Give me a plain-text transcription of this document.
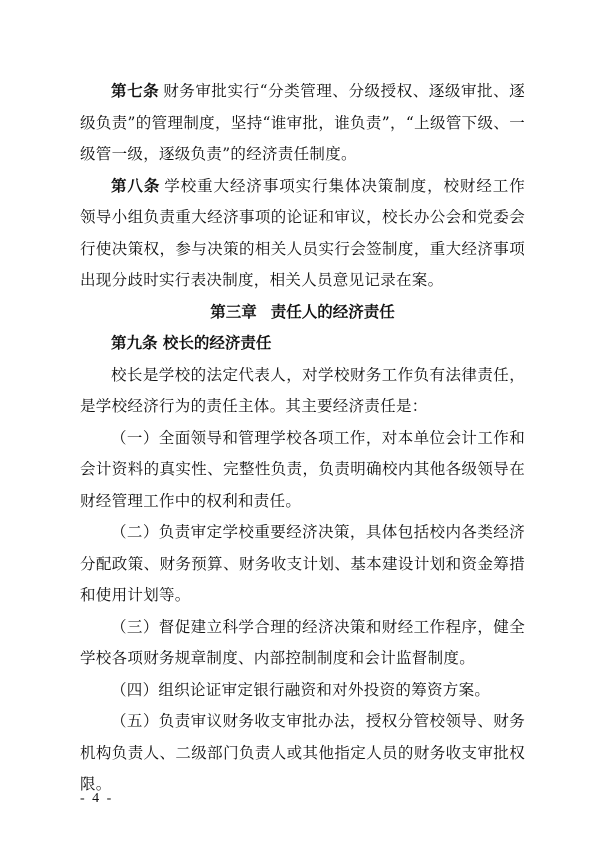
第七条 财务审批实行“分类管理、分级授权、逐级审批、逐级负责”的管理制度，坚持“谁审批，谁负责”，“上级管下级、一级管一级，逐级负责”的经济责任制度。

第八条 学校重大经济事项实行集体决策制度，校财经工作领导小组负责重大经济事项的论证和审议，校长办公会和党委会行使决策权，参与决策的相关人员实行会签制度，重大经济事项出现分歧时实行表决制度，相关人员意见记录在案。

第三章 责任人的经济责任

第九条 校长的经济责任

校长是学校的法定代表人，对学校财务工作负有法律责任，是学校经济行为的责任主体。其主要经济责任是：

（一）全面领导和管理学校各项工作，对本单位会计工作和会计资料的真实性、完整性负责，负责明确校内其他各级领导在财经管理工作中的权利和责任。

（二）负责审定学校重要经济决策，具体包括校内各类经济分配政策、财务预算、财务收支计划、基本建设计划和资金筹措和使用计划等。

（三）督促建立科学合理的经济决策和财经工作程序，健全学校各项财务规章制度、内部控制制度和会计监督制度。

（四）组织论证审定银行融资和对外投资的筹资方案。

（五）负责审议财务收支审批办法，授权分管校领导、财务机构负责人、二级部门负责人或其他指定人员的财务收支审批权限。

- 4 -
